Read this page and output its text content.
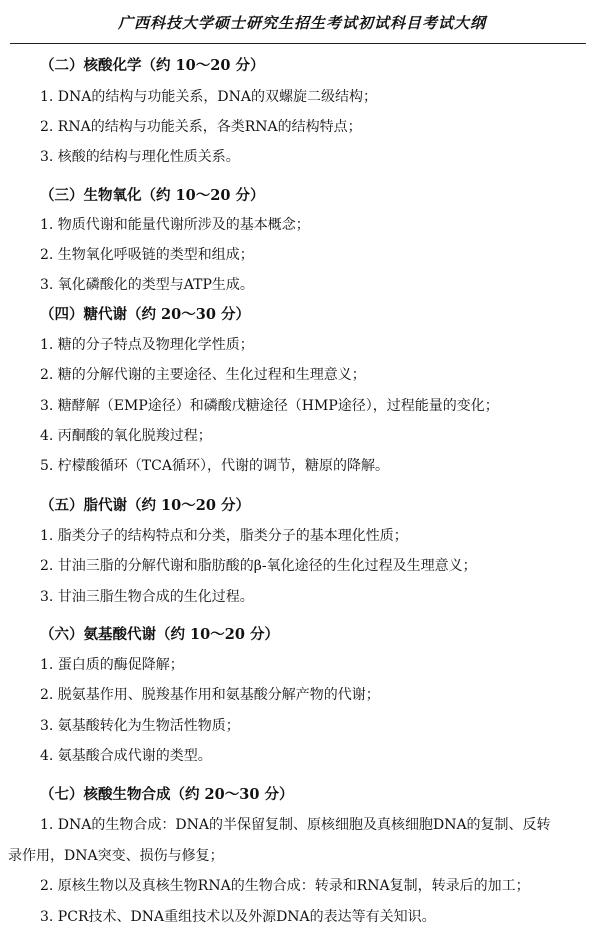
广西科技大学硕士研究生招生考试初试科目考试大纲
（二）核酸化学（约 10～20 分）
1. DNA的结构与功能关系，DNA的双螺旋二级结构；
2. RNA的结构与功能关系，各类RNA的结构特点；
3. 核酸的结构与理化性质关系。
（三）生物氧化（约 10～20 分）
1. 物质代谢和能量代谢所涉及的基本概念；
2. 生物氧化呼吸链的类型和组成；
3. 氧化磷酸化的类型与ATP生成。
（四）糖代谢（约 20～30 分）
1. 糖的分子特点及物理化学性质；
2. 糖的分解代谢的主要途径、生化过程和生理意义；
3. 糖酵解（EMP途径）和磷酸戊糖途径（HMP途径），过程能量的变化；
4. 丙酮酸的氧化脱羧过程；
5. 柠檬酸循环（TCA循环），代谢的调节，糖原的降解。
（五）脂代谢（约 10～20 分）
1. 脂类分子的结构特点和分类，脂类分子的基本理化性质；
2. 甘油三脂的分解代谢和脂肪酸的β-氧化途径的生化过程及生理意义；
3. 甘油三脂生物合成的生化过程。
（六）氨基酸代谢（约 10～20 分）
1. 蛋白质的酶促降解；
2. 脱氨基作用、脱羧基作用和氨基酸分解产物的代谢；
3. 氨基酸转化为生物活性物质；
4. 氨基酸合成代谢的类型。
（七）核酸生物合成（约 20～30 分）
1. DNA的生物合成：DNA的半保留复制、原核细胞及真核细胞DNA的复制、反转
录作用，DNA突变、损伤与修复；
2. 原核生物以及真核生物RNA的生物合成：转录和RNA复制，转录后的加工；
3. PCR技术、DNA重组技术以及外源DNA的表达等有关知识。
